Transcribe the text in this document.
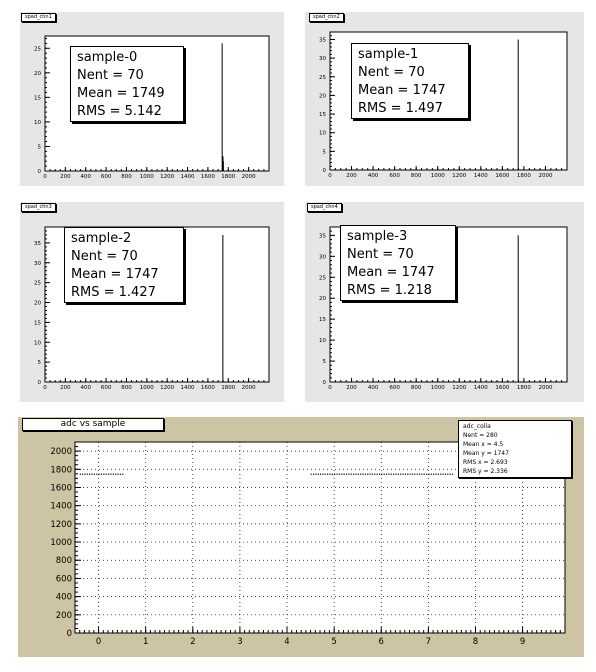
0 200 400 600 800 1000 1200 1400 1600 1800 2000
0
5
10
15
20
25
spad_chn1
sample-0
Nent = 70
Mean = 1749
RMS = 5.142
0	200 400 600 800 1000 1200 1400 1600 1800 2000
0
5
10
15
20
25
30
35
spad_chn2
sample-1
Nent = 70
Mean = 1747
RMS = 1.497
0 200 400 600 800 1000 1200 1400 1600 1800 2000
0
5
10
15
20
25
30
35
spad_chn3
sample-2
Nent = 70
Mean = 1747
RMS = 1.427
0	200 400 600 800 1000 1200 1400 1600 1800 2000
0
5
10
15
20
25
30
35
spad_chn4
sample-3
Nent = 70
Mean = 1747
RMS = 1.218
0	1	2	3	4	5	6	7	8	9
0
200
400
600
800
1000
1200
1400
1600
1800
2000
adc vs sample	adc_colla
Nent = 280
Mean x = 4.5
Mean y = 1747
RMS x = 2.693
RMS y = 2.336
